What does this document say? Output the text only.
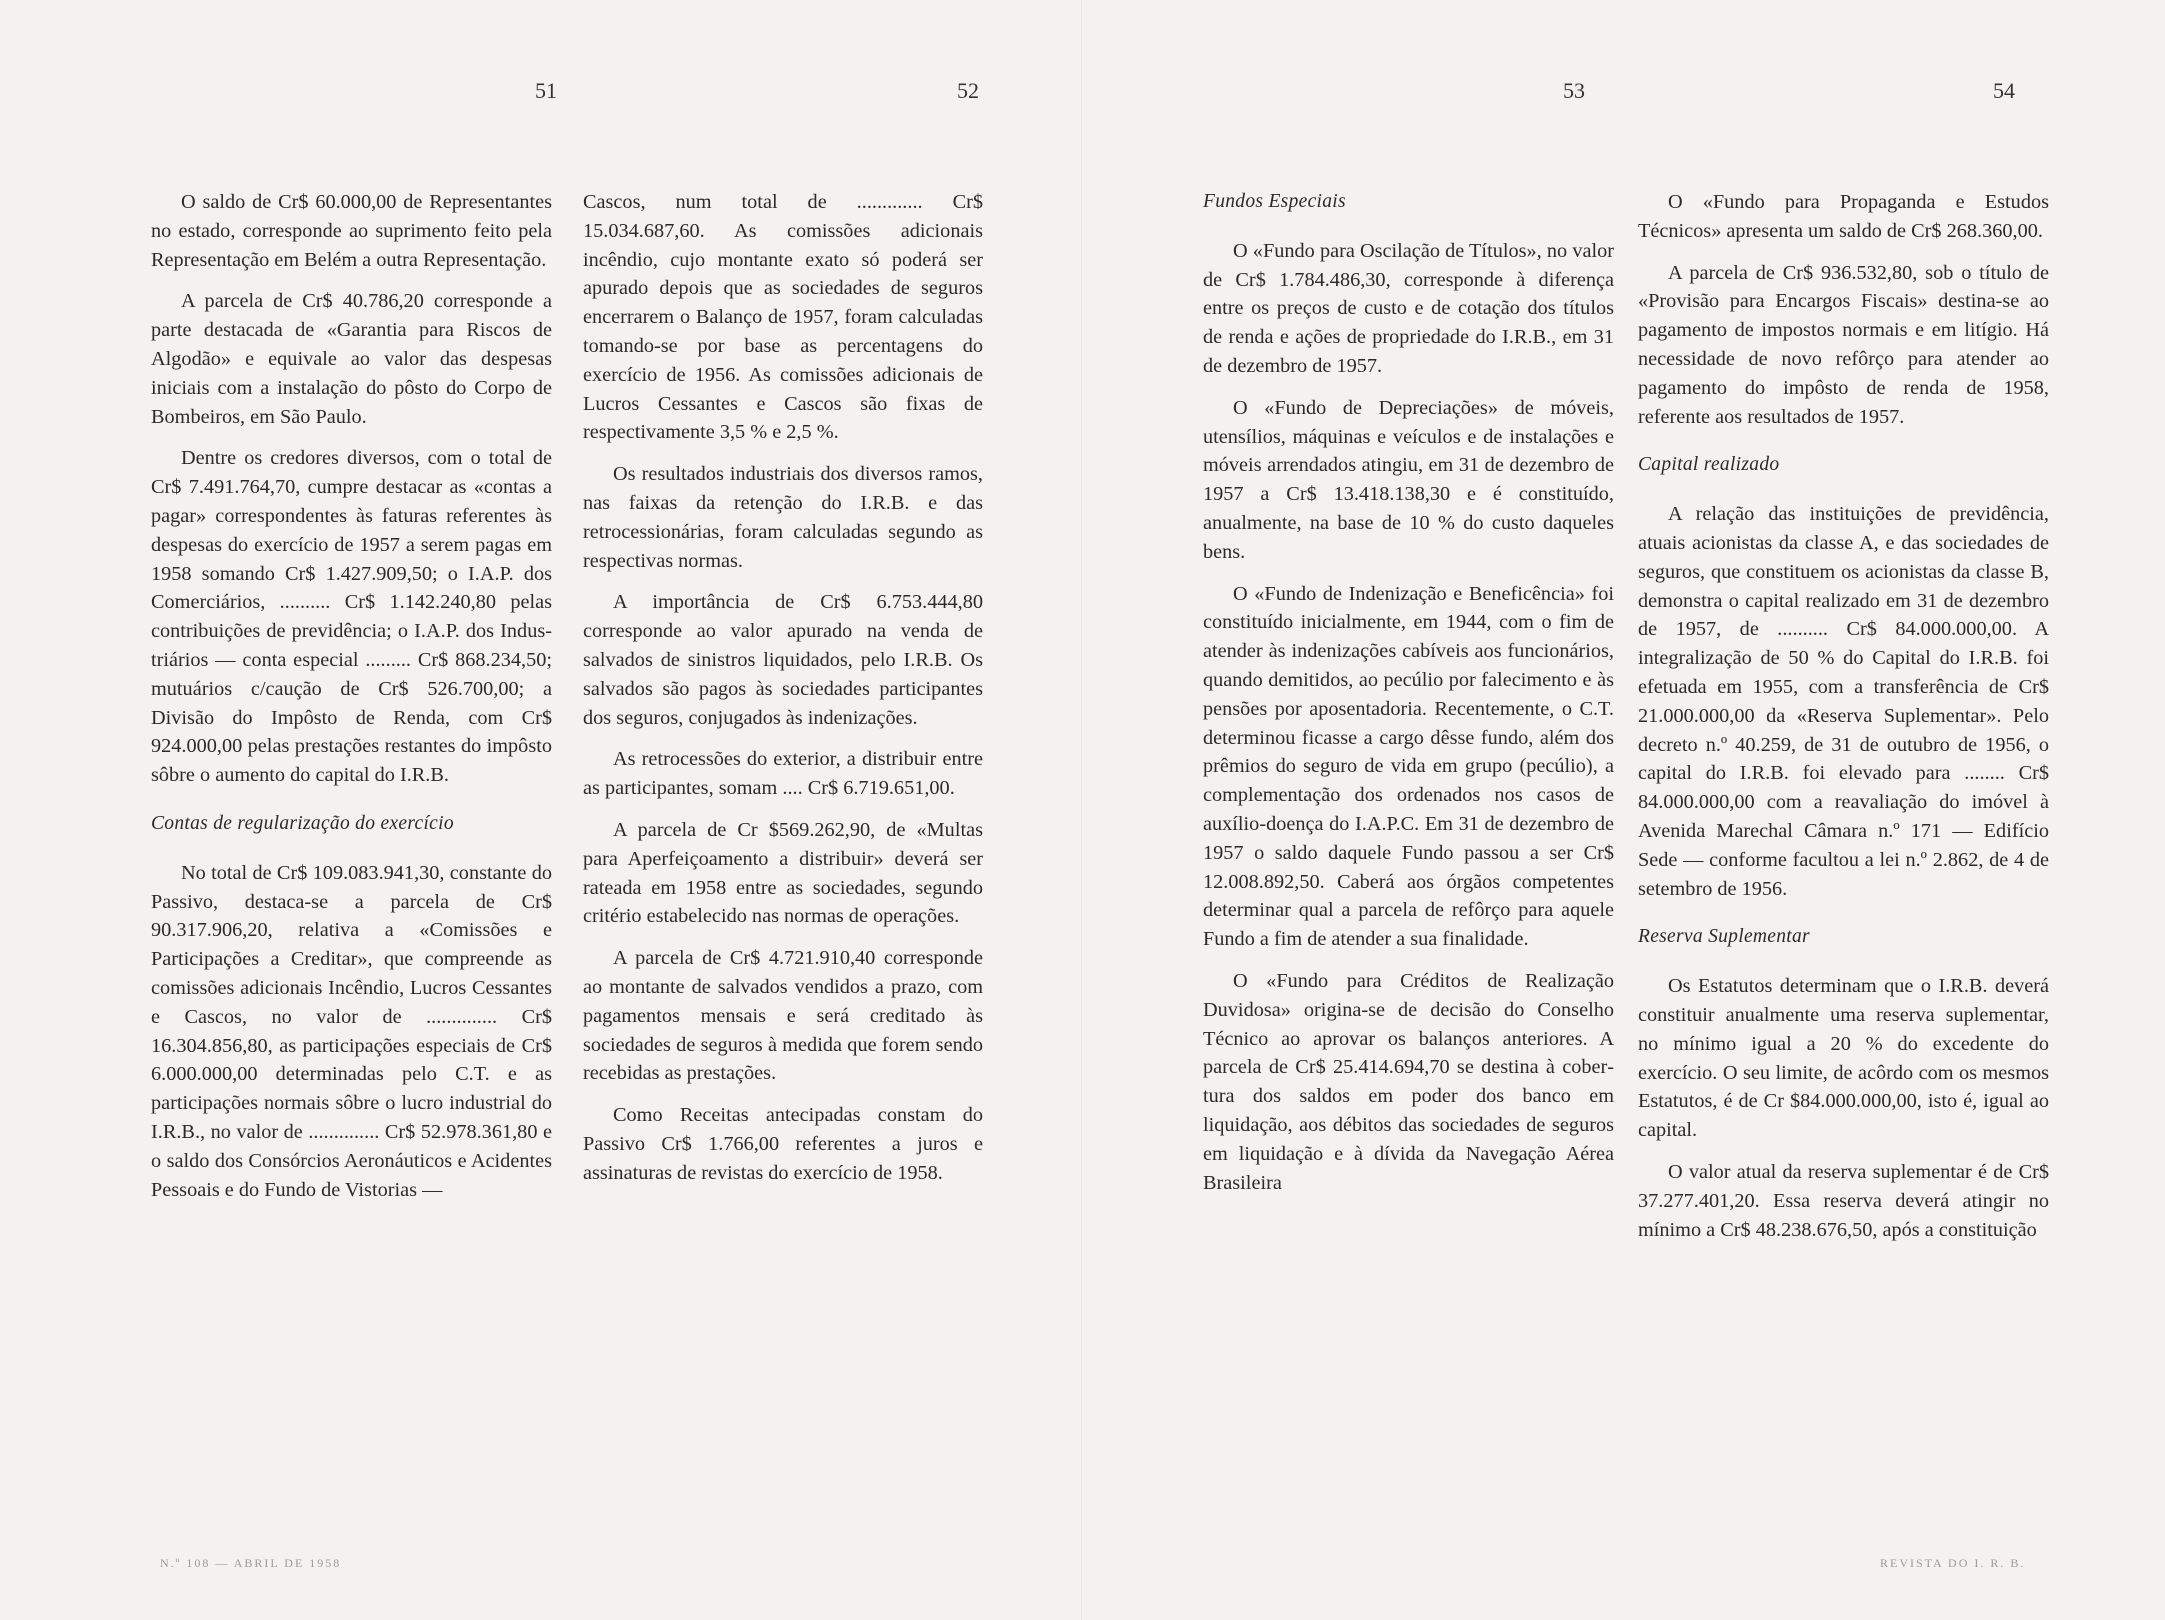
51	52	53	54

O saldo de Cr$ 60.000,00 de Representantes no estado, corresponde ao suprimento feito pela Representação em Belém a outra Representação.

A parcela de Cr$ 40.786,20 corresponde a parte destacada de «Garantia para Riscos de Algodão» e equivale ao valor das despesas iniciais com a instalação do pôsto do Corpo de Bombeiros, em São Paulo.

Dentre os credores diversos, com o total de Cr$ 7.491.764,70, cumpre destacar as «contas a pagar» correspondentes às faturas referentes às despesas do exercício de 1957 a serem pagas em 1958 somando Cr$ 1.427.909,50; o I.A.P. dos Comerciários, .......... Cr$ 1.142.240,80 pelas contribuições de previdência; o I.A.P. dos Industriários — conta especial ......... Cr$ 868.234,50; mutuários c/caução de Cr$ 526.700,00; a Divisão do Impôsto de Renda, com Cr$ 924.000,00 pelas prestações restantes do impôsto sôbre o aumento do capital do I.R.B.

Contas de regularização do exercício

No total de Cr$ 109.083.941,30, constante do Passivo, destaca-se a parcela de Cr$ 90.317.906,20, relativa a «Comissões e Participações a Creditar», que compreende as comissões adicionais Incêndio, Lucros Cessantes e Cascos, no valor de .............. Cr$ 16.304.856,80, as participações especiais de Cr$ 6.000.000,00 determinadas pelo C.T. e as participações normais sôbre o lucro industrial do I.R.B., no valor de .............. Cr$ 52.978.361,80 e o saldo dos Consórcios Aeronáuticos e Acidentes Pessoais e do Fundo de Vistorias —

Cascos, num total de ............. Cr$ 15.034.687,60. As comissões adicionais incêndio, cujo montante exato só poderá ser apurado depois que as sociedades de seguros encerrarem o Balanço de 1957, foram calculadas tomando-se por base as percentagens do exercício de 1956. As comissões adicionais de Lucros Cessantes e Cascos são fixas de respectivamente 3,5 % e 2,5 %.

Os resultados industriais dos diversos ramos, nas faixas da retenção do I.R.B. e das retrocessionárias, foram calculadas segundo as respectivas normas.

A importância de Cr$ 6.753.444,80 corresponde ao valor apurado na venda de salvados de sinistros liquidados, pelo I.R.B. Os salvados são pagos às sociedades participantes dos seguros, conjugados às indenizações.

As retrocessões do exterior, a distribuir entre as participantes, somam .... Cr$ 6.719.651,00.

A parcela de Cr $569.262,90, de «Multas para Aperfeiçoamento a distribuir» deverá ser rateada em 1958 entre as sociedades, segundo critério estabelecido nas normas de operações.

A parcela de Cr$ 4.721.910,40 corresponde ao montante de salvados vendidos a prazo, com pagamentos mensais e será creditado às sociedades de seguros à medida que forem sendo recebidas as prestações.

Como Receitas antecipadas constam do Passivo Cr$ 1.766,00 referentes a juros e assinaturas de revistas do exercício de 1958.

Fundos Especiais

O «Fundo para Oscilação de Títulos», no valor de Cr$ 1.784.486,30, corresponde à diferença entre os preços de custo e de cotação dos títulos de renda e ações de propriedade do I.R.B., em 31 de dezembro de 1957.

O «Fundo de Depreciações» de móveis, utensílios, máquinas e veículos e de instalações e móveis arrendados atingiu, em 31 de dezembro de 1957 a Cr$ 13.418.138,30 e é constituído, anualmente, na base de 10 % do custo daqueles bens.

O «Fundo de Indenização e Beneficência» foi constituído inicialmente, em 1944, com o fim de atender às indenizações cabíveis aos funcionários, quando demitidos, ao pecúlio por falecimento e às pensões por aposentadoria. Recentemente, o C.T. determinou ficasse a cargo dêsse fundo, além dos prêmios do seguro de vida em grupo (pecúlio), a complementação dos ordenados nos casos de auxílio-doença do I.A.P.C. Em 31 de dezembro de 1957 o saldo daquele Fundo passou a ser Cr$ 12.008.892,50. Caberá aos órgãos competentes determinar qual a parcela de refôrço para aquele Fundo a fim de atender a sua finalidade.

O «Fundo para Créditos de Realização Duvidosa» origina-se de decisão do Conselho Técnico ao aprovar os balanços anteriores. A parcela de Cr$ 25.414.694,70 se destina à cobertura dos saldos em poder dos banco em liquidação, aos débitos das sociedades de seguros em liquidação e à dívida da Navegação Aérea Brasileira

O «Fundo para Propaganda e Estudos Técnicos» apresenta um saldo de Cr$ 268.360,00.

A parcela de Cr$ 936.532,80, sob o título de «Provisão para Encargos Fiscais» destina-se ao pagamento de impostos normais e em litígio. Há necessidade de novo refôrço para atender ao pagamento do impôsto de renda de 1958, referente aos resultados de 1957.

Capital realizado

A relação das instituições de previdência, atuais acionistas da classe A, e das sociedades de seguros, que constituem os acionistas da classe B, demonstra o capital realizado em 31 de dezembro de 1957, de .......... Cr$ 84.000.000,00. A integralização de 50 % do Capital do I.R.B. foi efetuada em 1955, com a transferência de Cr$ 21.000.000,00 da «Reserva Suplementar». Pelo decreto n.º 40.259, de 31 de outubro de 1956, o capital do I.R.B. foi elevado para ........ Cr$ 84.000.000,00 com a reavaliação do imóvel à Avenida Marechal Câmara n.º 171 — Edifício Sede — conforme facultou a lei n.º 2.862, de 4 de setembro de 1956.

Reserva Suplementar

Os Estatutos determinam que o I.R.B. deverá constituir anualmente uma reserva suplementar, no mínimo igual a 20 % do excedente do exercício. O seu limite, de acôrdo com os mesmos Estatutos, é de Cr $84.000.000,00, isto é, igual ao capital.

O valor atual da reserva suplementar é de Cr$ 37.277.401,20. Essa reserva deverá atingir no mínimo a Cr$ 48.238.676,50, após a constituição

N.º 108 — ABRIL DE 1958	REVISTA DO I. R. B.
